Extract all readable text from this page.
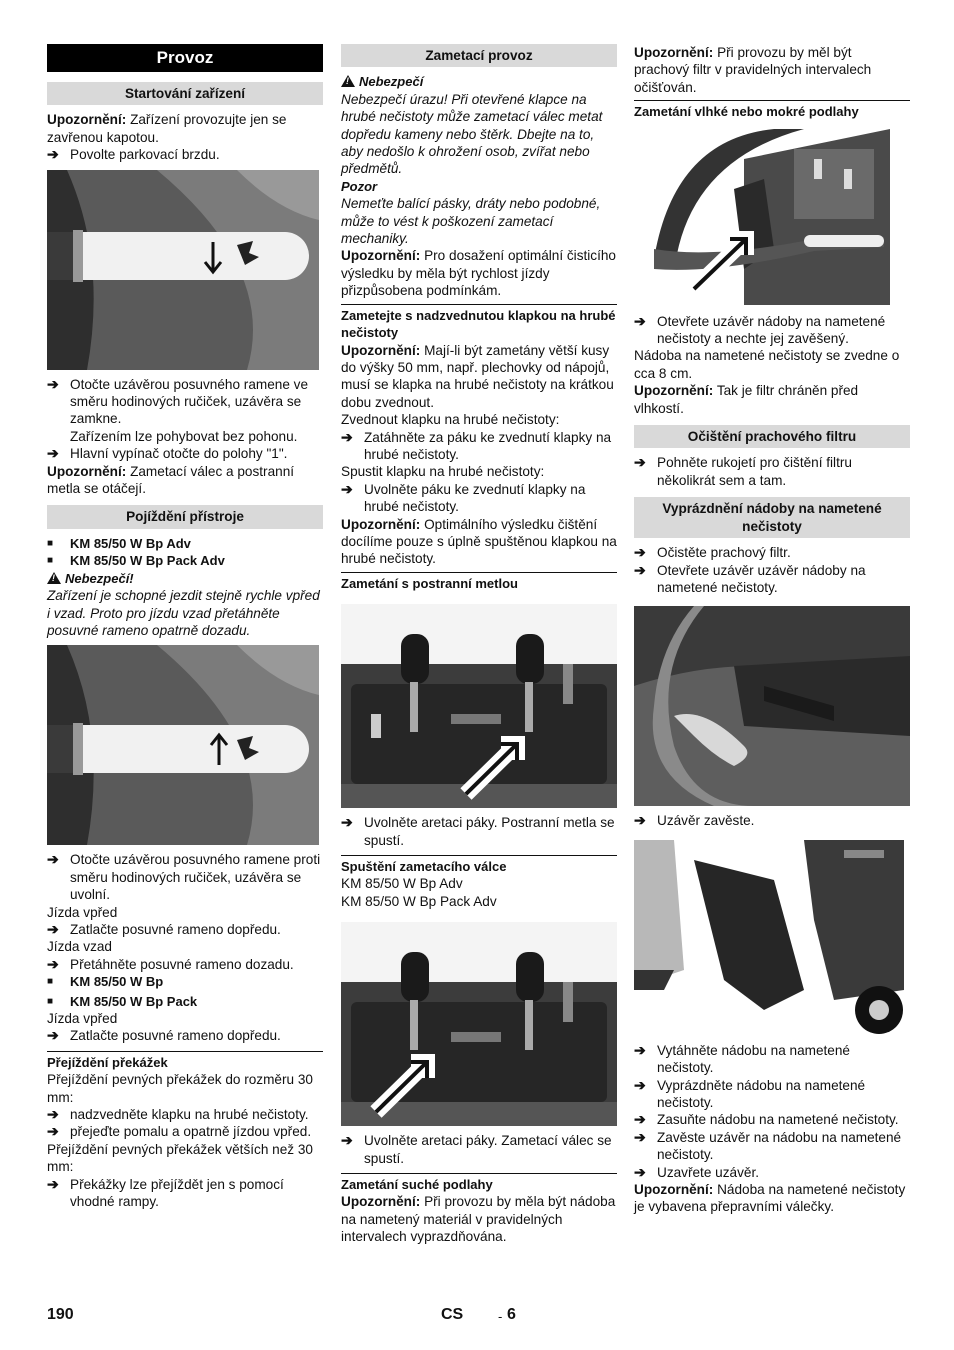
Provoz
Startování zařízení

Upozornění: Zařízení provozujte jen se zavřenou kapotou.

➔ Povolte parkovací brzdu.
➔ Otočte uzávěrou posuvného ramene ve směru hodinových ručiček, uzávěra se zamkne.

Zařízením lze pohybovat bez pohonu.

➔ Hlavní vypínač otočte do polohy "1".

Upozornění: Zametací válec a postranní metla se otáčejí.

Pojíždění přístroje
■	KM 85/50 W Bp Adv
■	KM 85/50 W Bp Pack Adv

!Nebezpečí!

Zařízení je schopné jezdit stejně rychle vpřed i vzad. Proto pro jízdu vzad přetáhněte posuvné rameno opatrně dozadu.

➔ Otočte uzávěrou posuvného ramene proti směru hodinových ručiček, uzávěra se uvolní.

Jízda vpřed

➔ Zatlačte posuvné rameno dopředu.

Jízda vzad

➔ Přetáhněte posuvné rameno dozadu.
■	KM 85/50 W Bp
■	KM 85/50 W Bp Pack

Jízda vpřed

➔ Zatlačte posuvné rameno dopředu.
Přejíždění překážek

Přejíždění pevných překážek do rozměru 30 mm:

➔ nadzvedněte klapku na hrubé nečistoty.
➔ přejeďte pomalu a opatrně jízdou vpřed.

Přejíždění pevných překážek větších než 30 mm:

➔ Překážky lze přejíždět jen s pomocí vhodné rampy.
Zametací provoz

!Nebezpečí

Nebezpečí úrazu! Při otevřené klapce na hrubé nečistoty může zametací válec metat dopředu kameny nebo štěrk. Dbejte na to, aby nedošlo k ohrožení osob, zvířat nebo předmětů.

Pozor

Nemeťte balící pásky, dráty nebo podobné, může to vést k poškození zametací mechaniky.

Upozornění: Pro dosažení optimální čisticího výsledku by měla být rychlost jízdy přizpůsobena podmínkám.

Zametejte s nadzvednutou klapkou na hrubé nečistoty

Upozornění: Mají-li být zametány větší kusy do výšky 50 mm, např. plechovky od nápojů, musí se klapka na hrubé nečistoty na krátkou dobu zvednout.

Zvednout klapku na hrubé nečistoty:

➔ Zatáhněte za páku ke zvednutí klapky na hrubé nečistoty.

Spustit klapku na hrubé nečistoty:

➔ Uvolněte páku ke zvednutí klapky na hrubé nečistoty.

Upozornění: Optimálního výsledku čištění docílíme pouze s úplně spuštěnou klapkou na hrubé nečistoty.

Zametání s postranní metlou
➔ Uvolněte aretaci páky. Postranní metla se spustí.
Spuštění zametacího válce

KM 85/50 W Bp Adv

KM 85/50 W Bp Pack Adv

➔ Uvolněte aretaci páky. Zametací válec se spustí.
Zametání suché podlahy

Upozornění: Při provozu by měla být nádoba na nametený materiál v pravidelných intervalech vyprazdňována.

Upozornění: Při provozu by měl být prachový filtr v pravidelných intervalech očišťován.

Zametání vlhké nebo mokré podlahy
➔ Otevřete uzávěr nádoby na nametené nečistoty a nechte jej zavěšený.

Nádoba na nametené nečistoty se zvedne o cca 8 cm.

Upozornění: Tak je filtr chráněn před vlhkostí.

Očištění prachového filtru
➔ Pohněte rukojetí pro čištění filtru několikrát sem a tam.
Vyprázdnění nádoby na nametené nečistoty
➔ Očistěte prachový filtr.
➔ Otevřete uzávěr uzávěr nádoby na nametené nečistoty.
➔ Uzávěr zavěste.
➔ Vytáhněte nádobu na nametené nečistoty.
➔ Vyprázdněte nádobu na nametené nečistoty.
➔ Zasuňte nádobu na nametené nečistoty.
➔ Zavěste uzávěr na nádobu na nametené nečistoty.
➔ Uzavřete uzávěr.

Upozornění: Nádoba na nametené nečistoty je vybavena přepravními válečky.

190	CS	- 6
